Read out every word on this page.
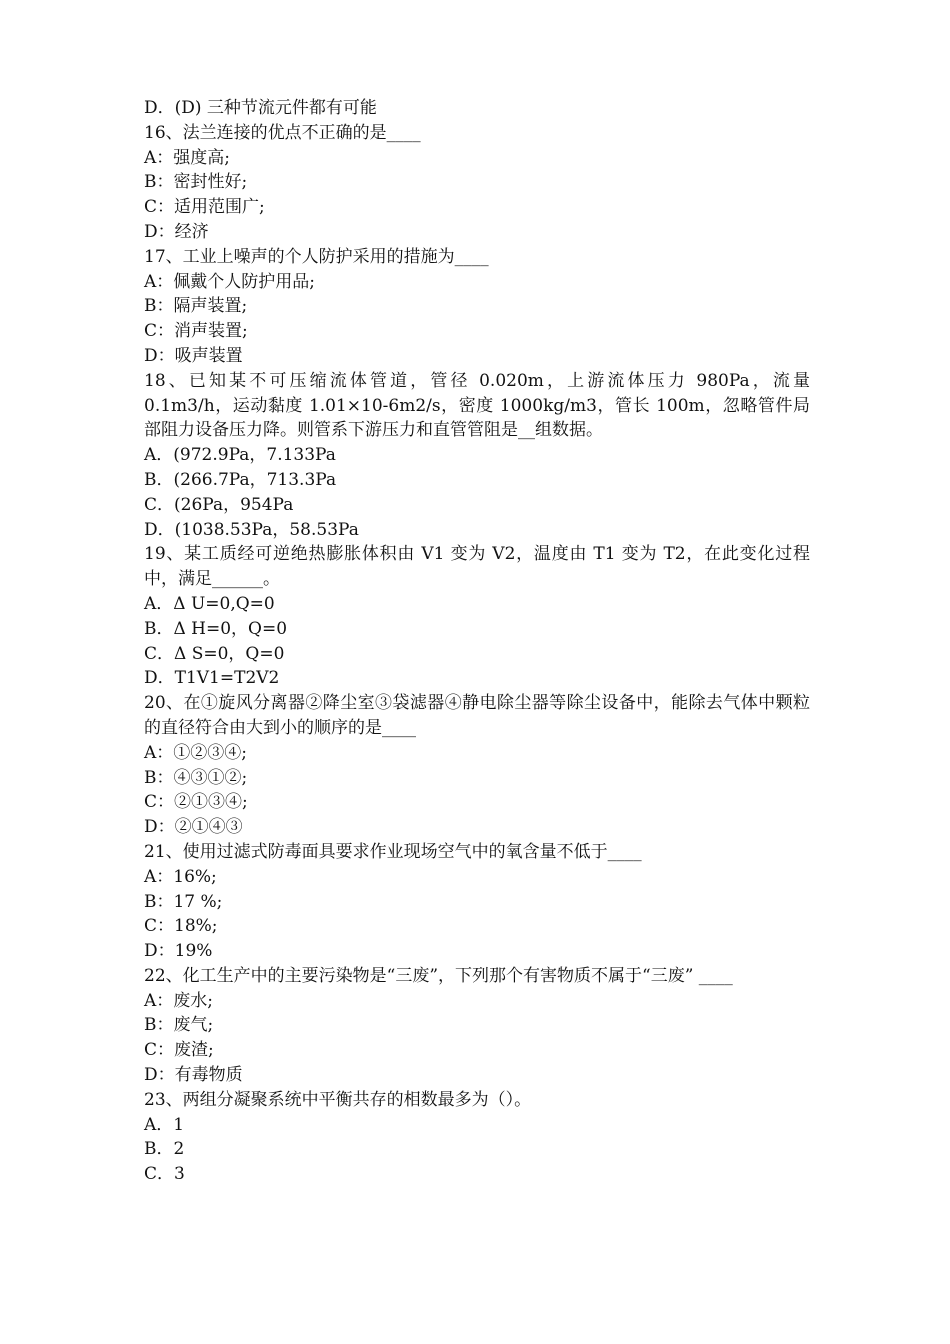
D．(D) 三种节流元件都有可能
16、法兰连接的优点不正确的是____
A：强度高;
B：密封性好;
C：适用范围广;
D：经济
17、工业上噪声的个人防护采用的措施为____
A：佩戴个人防护用品;
B：隔声装置;
C：消声装置;
D：吸声装置
18、已知某不可压缩流体管道，管径 0.020m，上游流体压力 980Pa，流量 0.1m3/h，运动黏度 1.01×10-6m2/s，密度 1000kg/m3，管长 100m，忽略管件局部阻力设备压力降。则管系下游压力和直管管阻是__组数据。
A．(972.9Pa，7.133Pa
B．(266.7Pa，713.3Pa
C．(26Pa，954Pa
D．(1038.53Pa，58.53Pa
19、某工质经可逆绝热膨胀体积由 V1 变为 V2，温度由 T1 变为 T2，在此变化过程中，满足______。
A．Δ U=0,Q=0
B．Δ H=0，Q=0
C．Δ S=0，Q=0
D．T1V1=T2V2
20、在①旋风分离器②降尘室③袋滤器④静电除尘器等除尘设备中，能除去气体中颗粒的直径符合由大到小的顺序的是____
A：①②③④;
B：④③①②;
C：②①③④;
D：②①④③
21、使用过滤式防毒面具要求作业现场空气中的氧含量不低于____
A：16%;
B：17 %;
C：18%;
D：19%
22、化工生产中的主要污染物是“三废”，下列那个有害物质不属于“三废” ____
A：废水;
B：废气;
C：废渣;
D：有毒物质
23、两组分凝聚系统中平衡共存的相数最多为（）。
A．1
B．2
C．3
